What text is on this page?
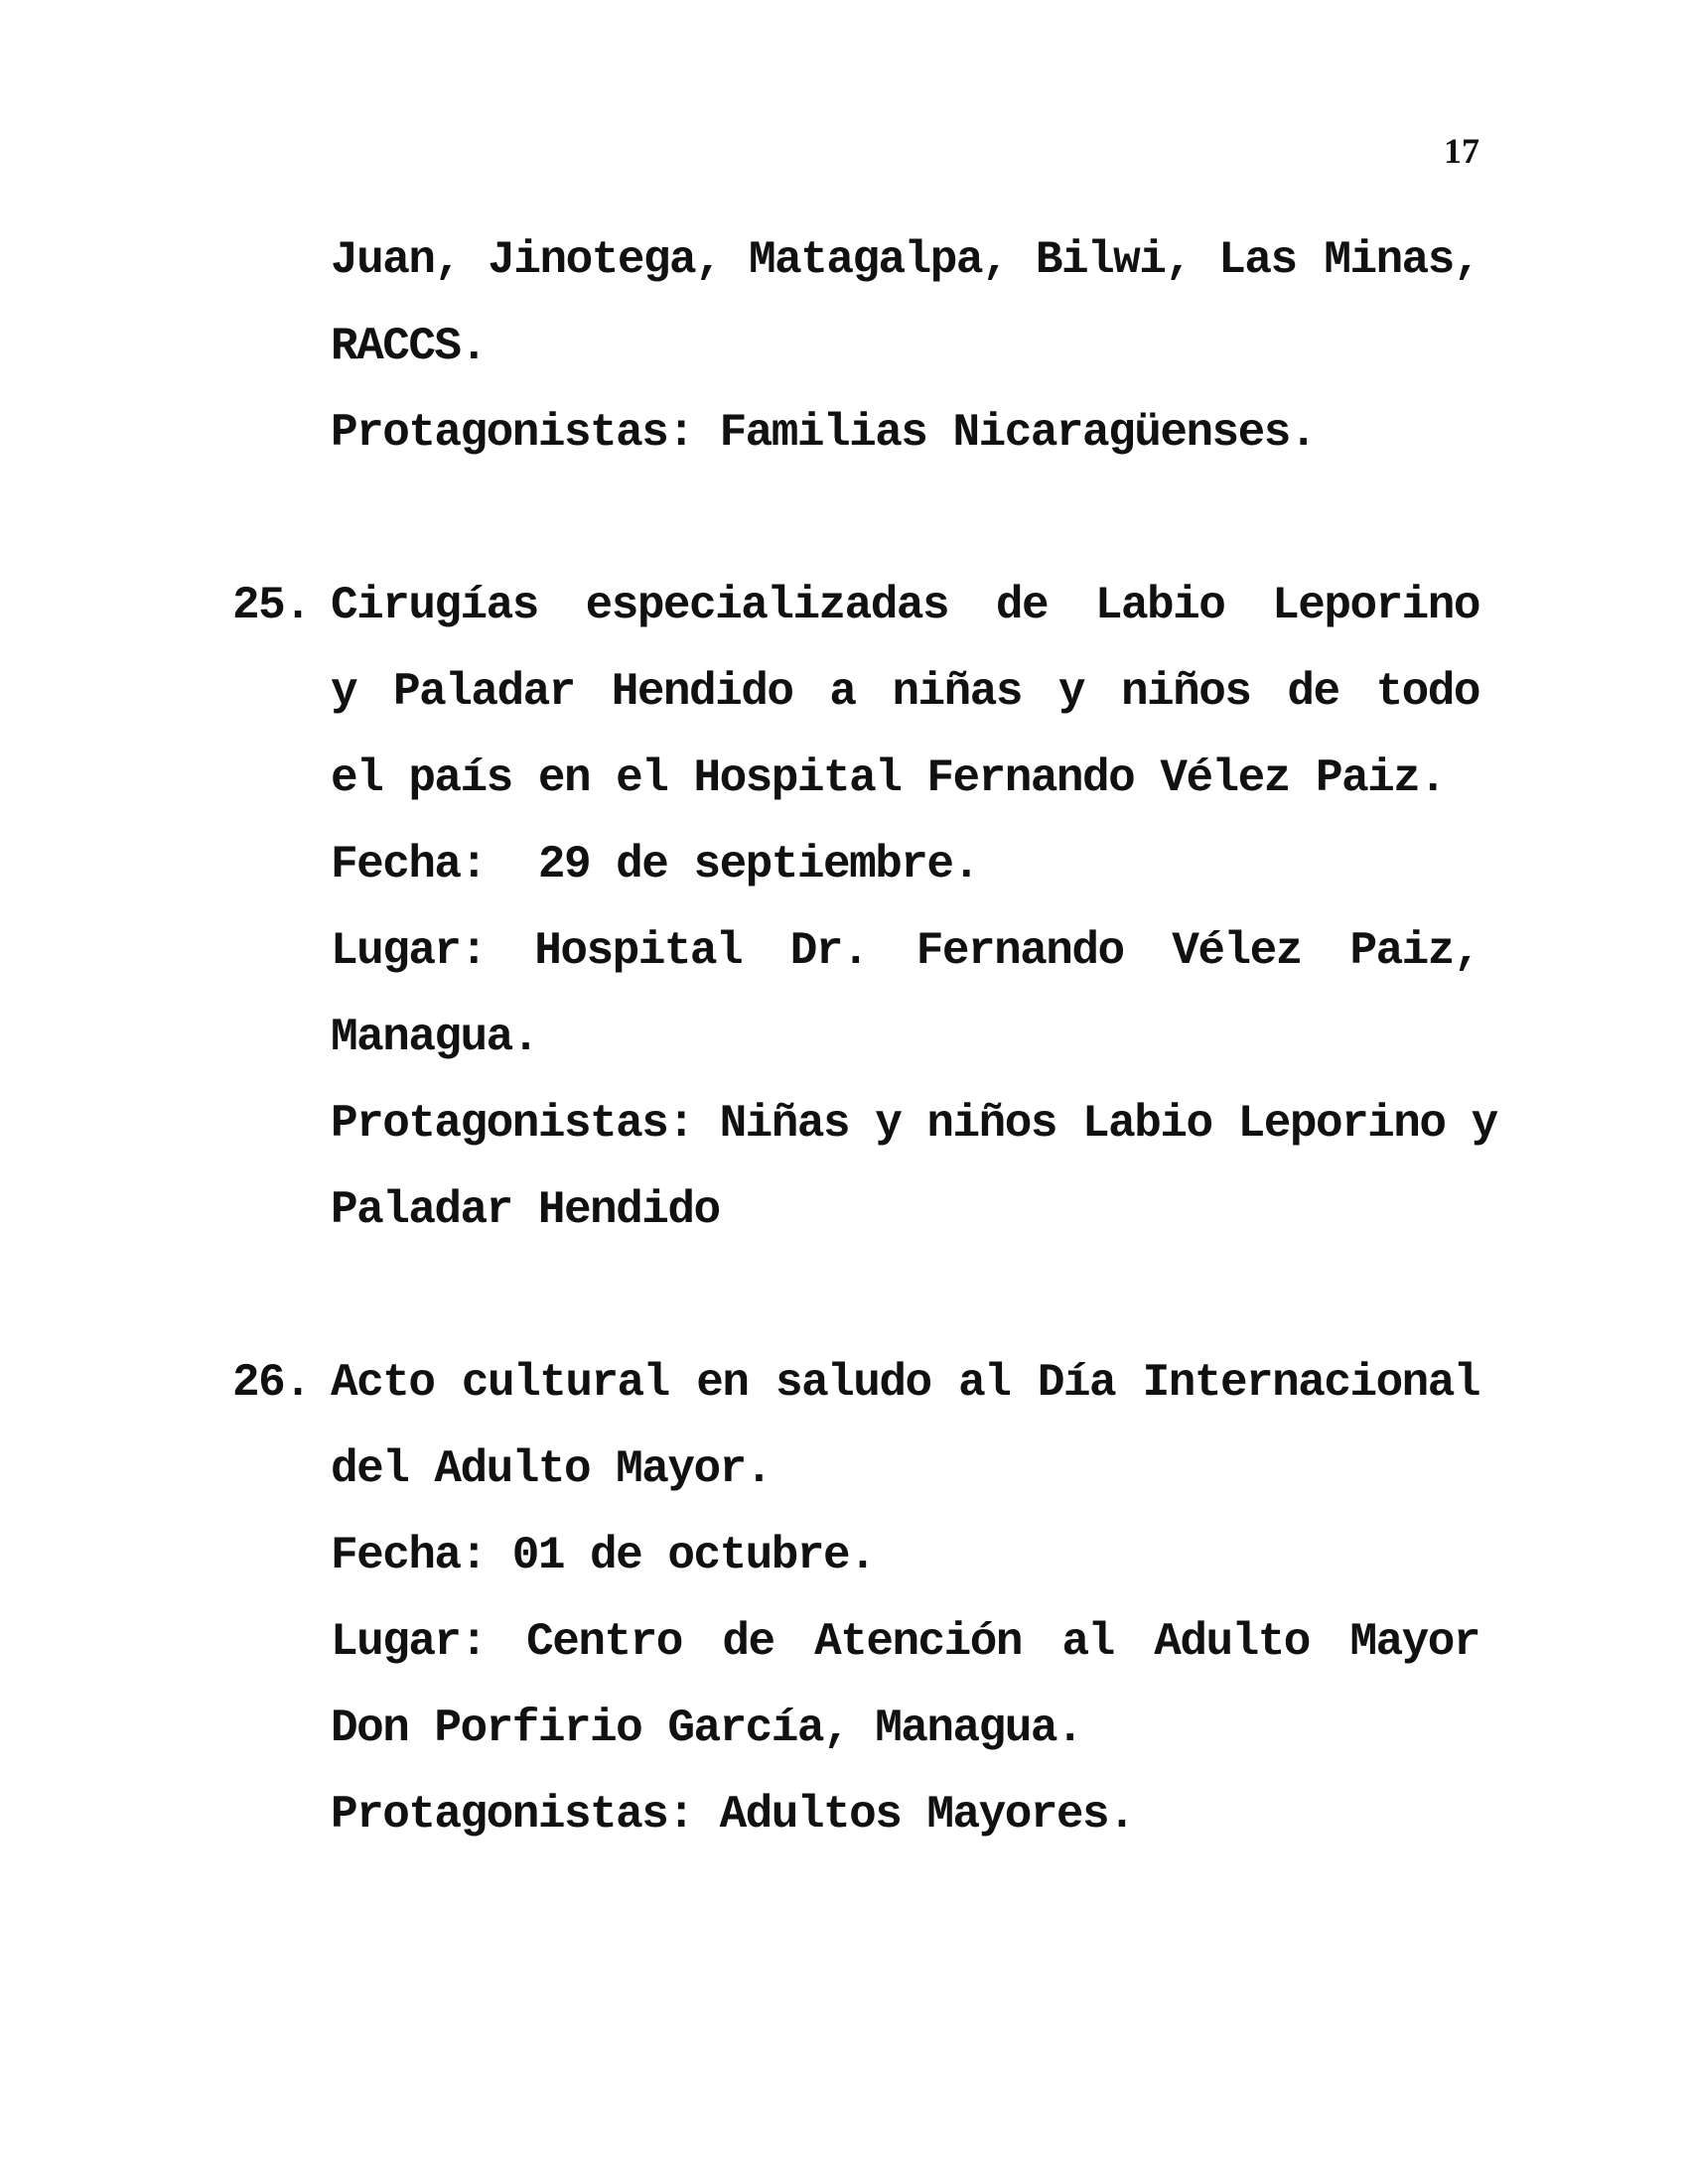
17
Juan, Jinotega, Matagalpa, Bilwi, Las Minas,
RACCS.
Protagonistas: Familias Nicaragüenses.
25. Cirugías especializadas de Labio Leporino
y Paladar Hendido a niñas y niños de todo
el país en el Hospital Fernando Vélez Paiz.
Fecha:  29 de septiembre.
Lugar: Hospital Dr. Fernando Vélez Paiz,
Managua.
Protagonistas: Niñas y niños Labio Leporino y
Paladar Hendido
26. Acto cultural en saludo al Día Internacional
del Adulto Mayor.
Fecha: 01 de octubre.
Lugar: Centro de Atención al Adulto Mayor
Don Porfirio García, Managua.
Protagonistas: Adultos Mayores.
